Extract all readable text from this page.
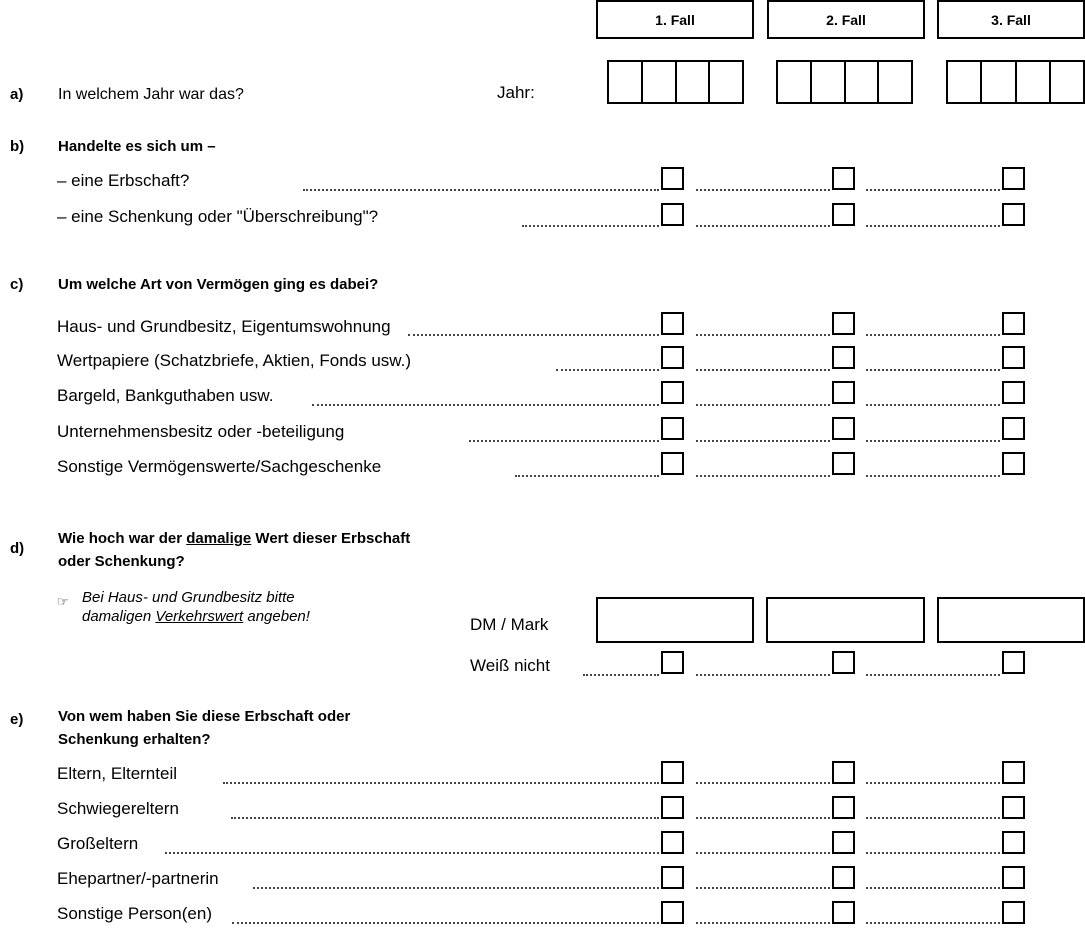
1. Fall	2. Fall	3. Fall
a) In welchem Jahr war das?	Jahr:
b) Handelte es sich um –
– eine Erbschaft?
– eine Schenkung oder "Überschreibung"?
c) Um welche Art von Vermögen ging es dabei?
Haus- und Grundbesitz, Eigentumswohnung
Wertpapiere (Schatzbriefe, Aktien, Fonds usw.)
Bargeld, Bankguthaben usw.
Unternehmensbesitz oder -beteiligung
Sonstige Vermögenswerte/Sachgeschenke
d)
Wie hoch war der damalige Wert dieser Erbschaft
oder Schenkung?
☞ Bei Haus- und Grundbesitz bitte
damaligen Verkehrswert angeben!	DM / Mark
Weiß nicht
e) Von wem haben Sie diese Erbschaft oder
Schenkung erhalten?
Eltern, Elternteil
Schwiegereltern
Großeltern
Ehepartner/-partnerin
Sonstige Person(en)
